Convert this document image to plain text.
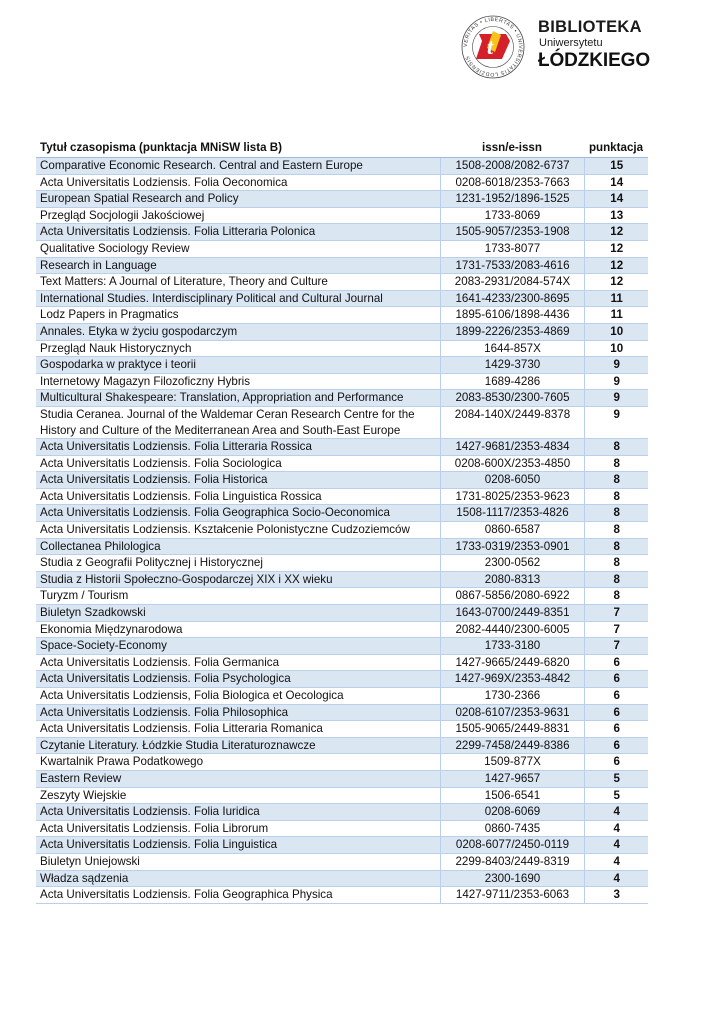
VERITAS • LIBERTAS • UNIVERSITATIS LODZIENSIS t
BIBLIOTEKA
Uniwersytetu
ŁÓDZKIEGO
Tytuł czasopisma (punktacja MNiSW lista B)	issn/e-issn	punktacja
Comparative Economic Research. Central and Eastern Europe	1508-2008/2082-6737	15
Acta Universitatis Lodziensis. Folia Oeconomica	0208-6018/2353-7663	14
European Spatial Research and Policy	1231-1952/1896-1525	14
Przegląd Socjologii Jakościowej	1733-8069	13
Acta Universitatis Lodziensis. Folia Litteraria Polonica	1505-9057/2353-1908	12
Qualitative Sociology Review	1733-8077	12
Research in Language	1731-7533/2083-4616	12
Text Matters: A Journal of Literature, Theory and Culture	2083-2931/2084-574X	12
International Studies. Interdisciplinary Political and Cultural Journal	1641-4233/2300-8695	11
Lodz Papers in Pragmatics	1895-6106/1898-4436	11
Annales. Etyka w życiu gospodarczym	1899-2226/2353-4869	10
Przegląd Nauk Historycznych	1644-857X	10
Gospodarka w praktyce i teorii	1429-3730	9
Internetowy Magazyn Filozoficzny Hybris	1689-4286	9
Multicultural Shakespeare: Translation, Appropriation and Performance	2083-8530/2300-7605	9
Studia Ceranea. Journal of the Waldemar Ceran Research Centre for the History and Culture of the Mediterranean Area and South-East Europe	2084-140X/2449-8378	9
Acta Universitatis Lodziensis. Folia Litteraria Rossica	1427-9681/2353-4834	8
Acta Universitatis Lodziensis. Folia Sociologica	0208-600X/2353-4850	8
Acta Universitatis Lodziensis. Folia Historica	0208-6050	8
Acta Universitatis Lodziensis. Folia Linguistica Rossica	1731-8025/2353-9623	8
Acta Universitatis Lodziensis. Folia Geographica Socio-Oeconomica	1508-1117/2353-4826	8
Acta Universitatis Lodziensis. Kształcenie Polonistyczne Cudzoziemców	0860-6587	8
Collectanea Philologica	1733-0319/2353-0901	8
Studia z Geografii Politycznej i Historycznej	2300-0562	8
Studia z Historii Społeczno-Gospodarczej XIX i XX wieku	2080-8313	8
Turyzm / Tourism	0867-5856/2080-6922	8
Biuletyn Szadkowski	1643-0700/2449-8351	7
Ekonomia Międzynarodowa	2082-4440/2300-6005	7
Space-Society-Economy	1733-3180	7
Acta Universitatis Lodziensis. Folia Germanica	1427-9665/2449-6820	6
Acta Universitatis Lodziensis. Folia Psychologica	1427-969X/2353-4842	6
Acta Universitatis Lodziensis, Folia Biologica et Oecologica	1730-2366	6
Acta Universitatis Lodziensis. Folia Philosophica	0208-6107/2353-9631	6
Acta Universitatis Lodziensis. Folia Litteraria Romanica	1505-9065/2449-8831	6
Czytanie Literatury. Łódzkie Studia Literaturoznawcze	2299-7458/2449-8386	6
Kwartalnik Prawa Podatkowego	1509-877X	6
Eastern Review	1427-9657	5
Zeszyty Wiejskie	1506-6541	5
Acta Universitatis Lodziensis. Folia Iuridica	0208-6069	4
Acta Universitatis Lodziensis. Folia Librorum	0860-7435	4
Acta Universitatis Lodziensis. Folia Linguistica	0208-6077/2450-0119	4
Biuletyn Uniejowski	2299-8403/2449-8319	4
Władza sądzenia	2300-1690	4
Acta Universitatis Lodziensis. Folia Geographica Physica	1427-9711/2353-6063	3
